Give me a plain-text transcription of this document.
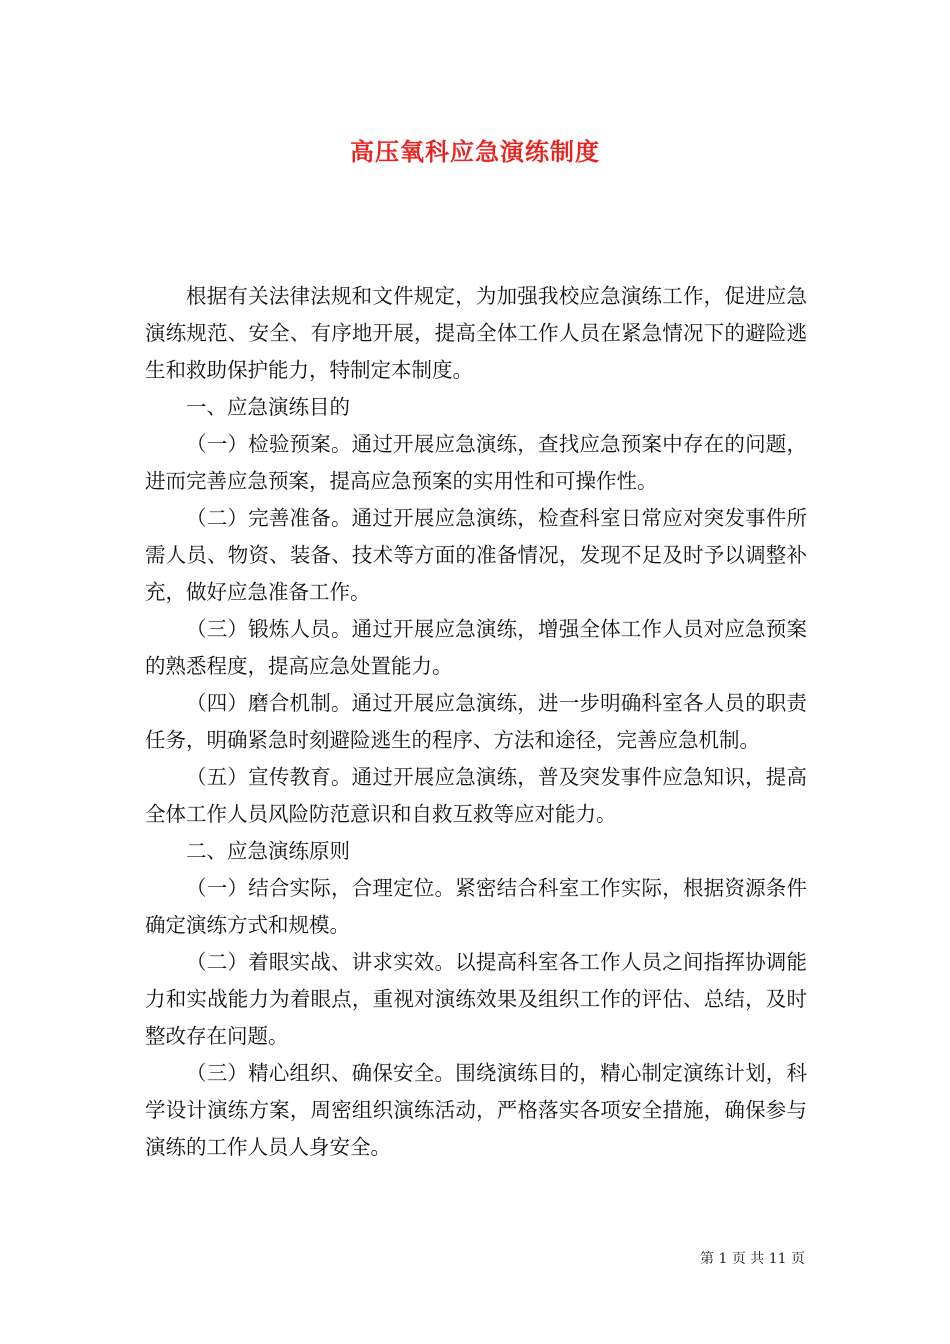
高压氧科应急演练制度

根据有关法律法规和文件规定，为加强我校应急演练工作，促进应急演练规范、安全、有序地开展，提高全体工作人员在紧急情况下的避险逃生和救助保护能力，特制定本制度。

一、应急演练目的

（一）检验预案。通过开展应急演练，查找应急预案中存在的问题，进而完善应急预案，提高应急预案的实用性和可操作性。

（二）完善准备。通过开展应急演练，检查科室日常应对突发事件所需人员、物资、装备、技术等方面的准备情况，发现不足及时予以调整补充，做好应急准备工作。

（三）锻炼人员。通过开展应急演练，增强全体工作人员对应急预案的熟悉程度，提高应急处置能力。

（四）磨合机制。通过开展应急演练，进一步明确科室各人员的职责任务，明确紧急时刻避险逃生的程序、方法和途径，完善应急机制。

（五）宣传教育。通过开展应急演练，普及突发事件应急知识，提高全体工作人员风险防范意识和自救互救等应对能力。

二、应急演练原则

（一）结合实际，合理定位。紧密结合科室工作实际，根据资源条件确定演练方式和规模。

（二）着眼实战、讲求实效。以提高科室各工作人员之间指挥协调能力和实战能力为着眼点，重视对演练效果及组织工作的评估、总结，及时整改存在问题。

（三）精心组织、确保安全。围绕演练目的，精心制定演练计划，科学设计演练方案，周密组织演练活动，严格落实各项安全措施，确保参与演练的工作人员人身安全。

第 1 页 共 11 页
